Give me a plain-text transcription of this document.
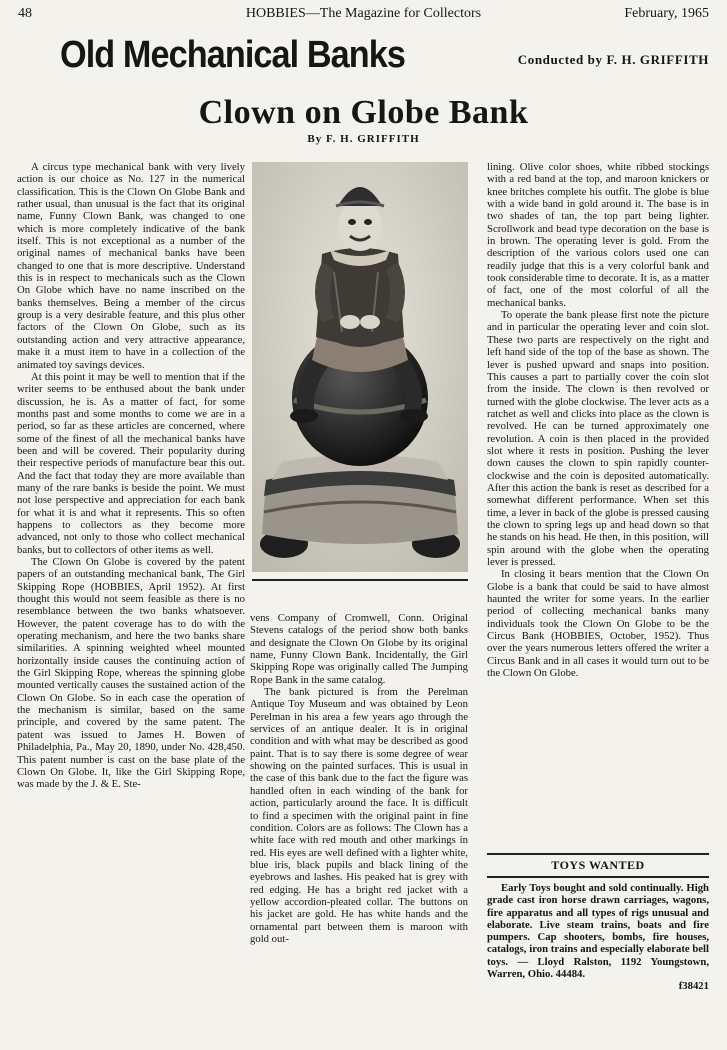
48	HOBBIES—The Magazine for Collectors	February, 1965
Old Mechanical Banks	Conducted by F. H. GRIFFITH
Clown on Globe Bank
By F. H. GRIFFITH

A circus type mechanical bank with very lively action is our choice as No. 127 in the numerical classification. This is the Clown On Globe Bank and rather usual, than unusual is the fact that its original name, Funny Clown Bank, was changed to one which is more completely indicative of the bank itself. This is not exceptional as a number of the original names of mechanical banks have been changed to one that is more descriptive. Understand this is in respect to mechanicals such as the Clown On Globe which have no name inscribed on the banks themselves. Being a member of the circus group is a very desirable feature, and this plus other factors of the Clown On Globe, such as its outstanding action and very attractive appearance, make it a must item to have in a collection of the animated toy savings devices.

At this point it may be well to mention that if the writer seems to be enthused about the bank under discussion, he is. As a matter of fact, for some months past and some months to come we are in a period, so far as these articles are concerned, where some of the finest of all the mechanical banks have been and will be covered. Their popularity during their respective periods of manufacture bear this out. And the fact that today they are more available than many of the rare banks is beside the point. We must not lose perspective and appreciation for each bank for what it is and what it represents. This so often happens to collectors as they become more advanced, not only to those who collect mechanical banks, but to collectors of other items as well.

The Clown On Globe is covered by the patent papers of an outstanding mechanical bank, The Girl Skipping Rope (HOBBIES, April 1952). At first thought this would not seem feasible as there is no resemblance between the two banks whatsoever. However, the patent coverage has to do with the operating mechanism, and here the two banks share similarities. A spinning weighted wheel mounted horizontally inside causes the continuing action of the Girl Skipping Rope, whereas the spinning globe mounted vertically causes the sustained action of the Clown On Globe. So in each case the operation of the mechanism is similar, based on the same principle, and covered by the same patent. The patent was issued to James H. Bowen of Philadelphia, Pa., May 20, 1890, under No. 428,450. This patent number is cast on the base plate of the Clown On Globe. It, like the Girl Skipping Rope, was made by the J. & E. Ste-

vens Company of Cromwell, Conn. Original Stevens catalogs of the period show both banks and designate the Clown On Globe by its original name, Funny Clown Bank. Incidentally, the Girl Skipping Rope was originally called The Jumping Rope Bank in the same catalog.

The bank pictured is from the Perelman Antique Toy Museum and was obtained by Leon Perelman in his area a few years ago through the services of an antique dealer. It is in original condition and with what may be described as good paint. That is to say there is some degree of wear showing on the painted surfaces. This is usual in the case of this bank due to the fact the figure was handled often in each winding of the bank for action, particularly around the face. It is difficult to find a specimen with the original paint in fine condition. Colors are as follows: The Clown has a white face with red mouth and other markings in red. His eyes are well defined with a lighter white, blue iris, black pupils and black lining of the eyebrows and lashes. His peaked hat is grey with red edging. He has a bright red jacket with a yellow accordion-pleated collar. The buttons on his jacket are gold. He has white hands and the ornamental part between them is maroon with gold out-

lining. Olive color shoes, white ribbed stockings with a red band at the top, and maroon knickers or knee britches complete his outfit. The globe is blue with a wide band in gold around it. The base is in two shades of tan, the top part being lighter. Scrollwork and bead type decoration on the base is in brown. The operating lever is gold. From the description of the various colors used one can readily judge that this is a very colorful bank and took considerable time to decorate. It is, as a matter of fact, one of the most colorful of all the mechanical banks.

To operate the bank please first note the picture and in particular the operating lever and coin slot. These two parts are respectively on the right and left hand side of the top of the base as shown. The lever is pushed upward and snaps into position. This causes a part to partially cover the coin slot from the inside. The clown is then revolved or turned with the globe clockwise. The lever acts as a ratchet as well and clicks into place as the clown is revolved. He can be turned approximately one revolution. A coin is then placed in the provided slot where it rests in position. Pushing the lever down causes the clown to spin rapidly counter-clockwise and the coin is deposited automatically. After this action the bank is reset as described for a somewhat different performance. When set this time, a lever in back of the globe is pressed causing the clown to spring legs up and head down so that he stands on his head. He then, in this position, will spin around with the globe when the operating lever is pressed.

In closing it bears mention that the Clown On Globe is a bank that could be said to have almost haunted the writer for some years. In the earlier period of collecting mechanical banks many individuals took the Clown On Globe to be the Circus Bank (HOBBIES, October, 1952). Thus over the years numerous letters offered the writer a Circus Bank and in all cases it would turn out to be the Clown On Globe.

TOYS WANTED

Early Toys bought and sold continually. High grade cast iron horse drawn carriages, wagons, fire apparatus and all types of rigs unusual and elaborate. Live steam trains, boats and fire pumpers. Cap shooters, bombs, fire houses, catalogs, iron trains and especially elaborate bell toys. — Lloyd Ralston, 1192 Youngstown, Warren, Ohio. 44484.

f38421
